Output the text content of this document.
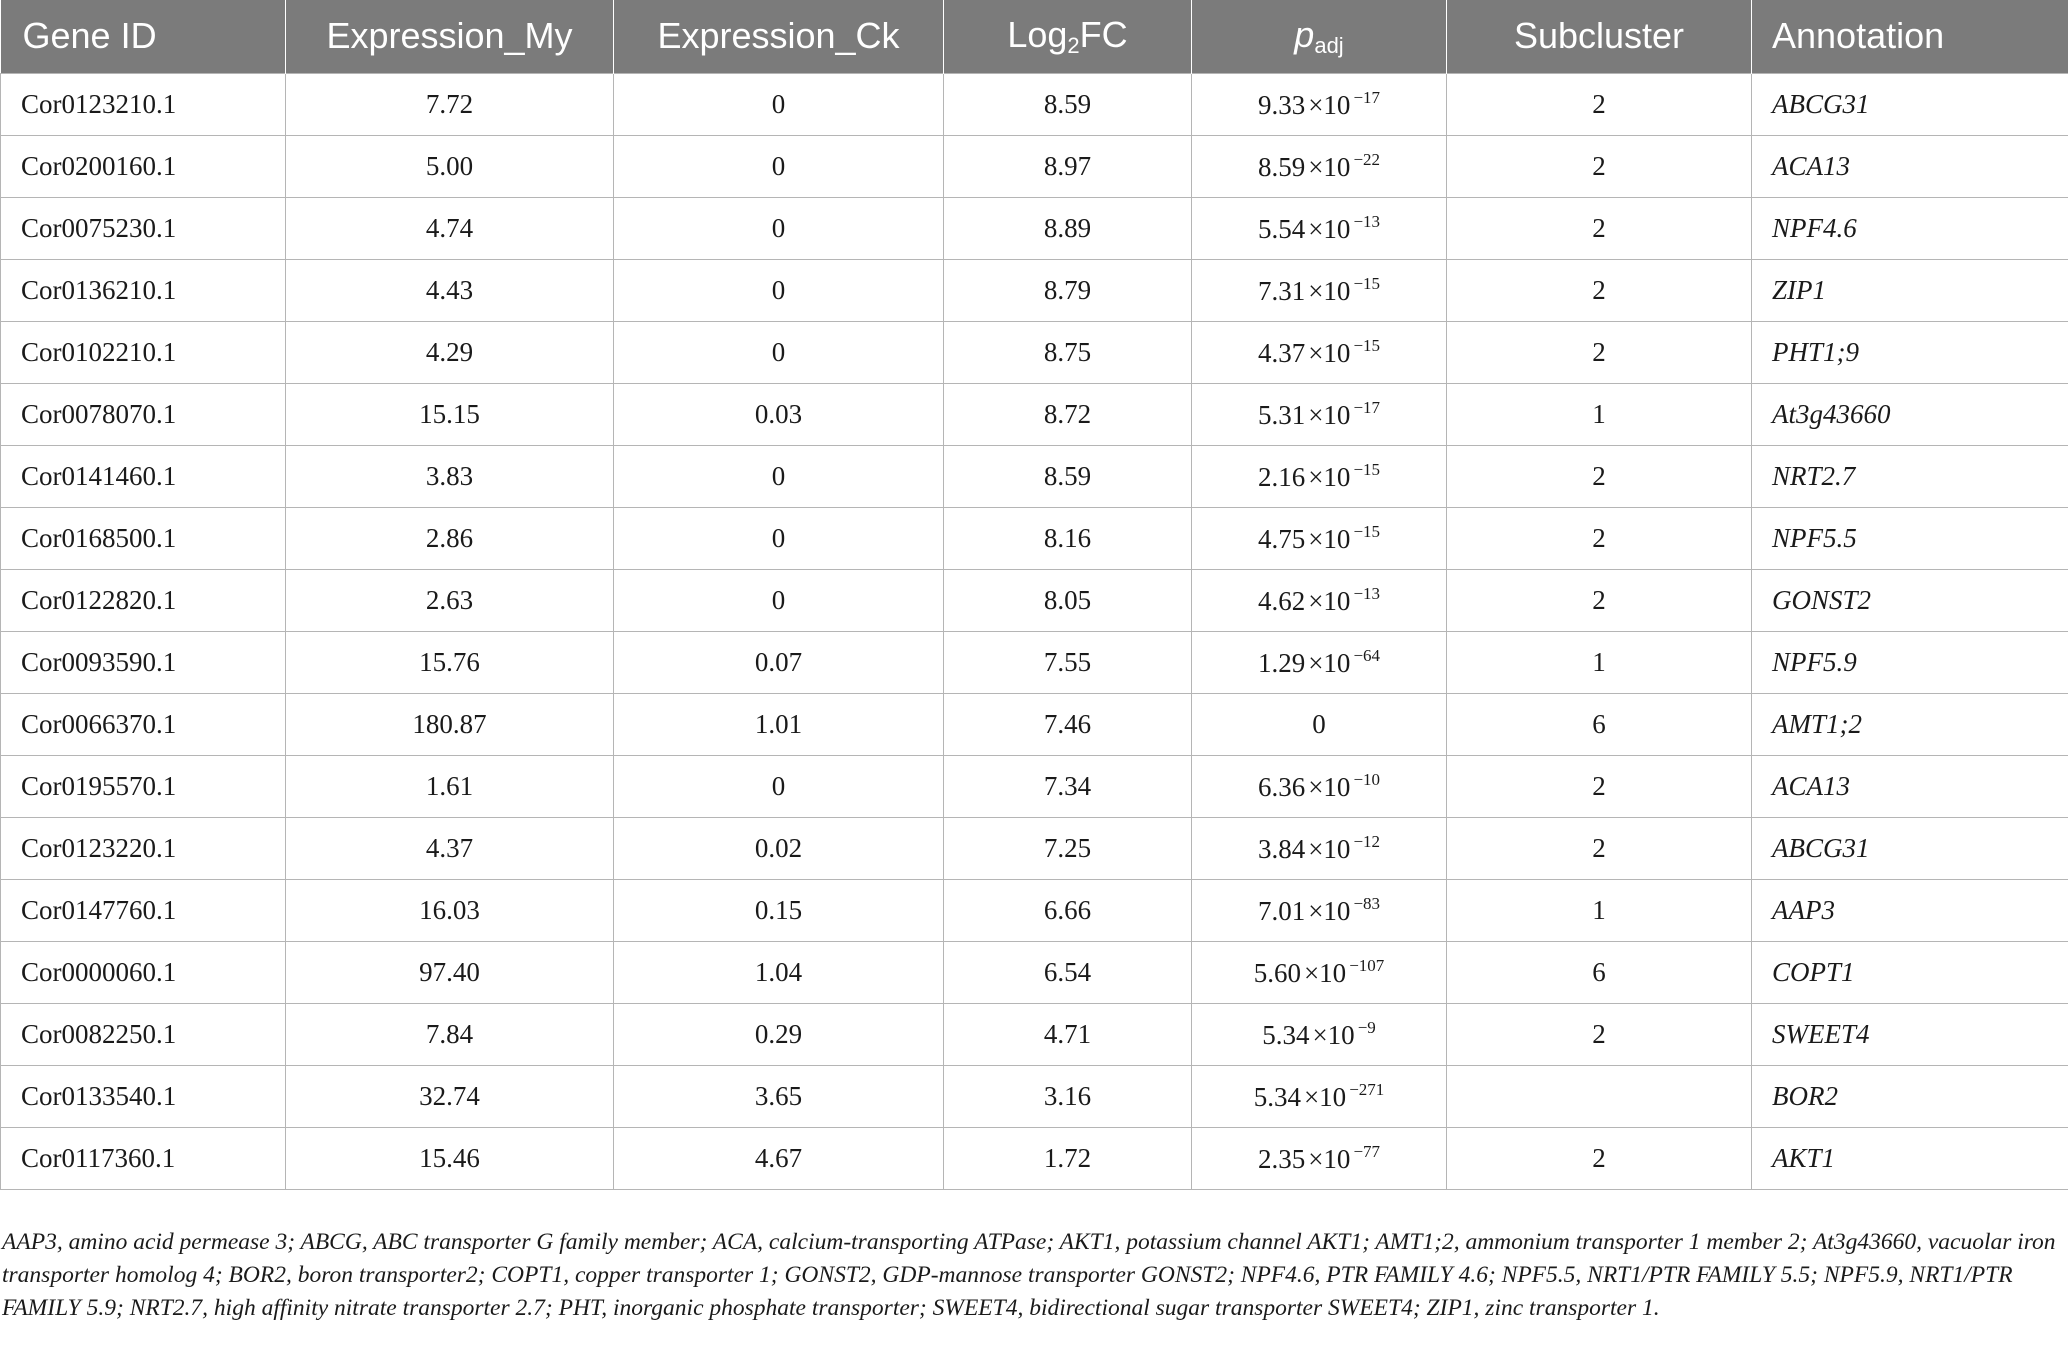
Gene ID	Expression_My	Expression_Ck	Log$_2$FC	$p_{adj}$	Subcluster	Annotation
Cor0123210.1	7.72	0	8.59	9.33 ×10 $^{-17}$	2	ABCG31
Cor0200160.1	5.00	0	8.97	8.59 ×10 $^{-22}$	2	ACA13
Cor0075230.1	4.74	0	8.89	5.54 ×10 $^{-13}$	2	NPF4.6
Cor0136210.1	4.43	0	8.79	7.31 ×10 $^{-15}$	2	ZIP1
Cor0102210.1	4.29	0	8.75	4.37 ×10 $^{-15}$	2	PHT1;9
Cor0078070.1	15.15	0.03	8.72	5.31 ×10 $^{-17}$	1	At3g43660
Cor0141460.1	3.83	0	8.59	2.16 ×10 $^{-15}$	2	NRT2.7
Cor0168500.1	2.86	0	8.16	4.75 ×10 $^{-15}$	2	NPF5.5
Cor0122820.1	2.63	0	8.05	4.62 ×10 $^{-13}$	2	GONST2
Cor0093590.1	15.76	0.07	7.55	1.29 ×10 $^{-64}$	1	NPF5.9
Cor0066370.1	180.87	1.01	7.46	0	6	AMT1;2
Cor0195570.1	1.61	0	7.34	6.36 ×10 $^{-10}$	2	ACA13
Cor0123220.1	4.37	0.02	7.25	3.84 ×10 $^{-12}$	2	ABCG31
Cor0147760.1	16.03	0.15	6.66	7.01 ×10 $^{-83}$	1	AAP3
Cor0000060.1	97.40	1.04	6.54	5.60 ×10 $^{-107}$	6	COPT1
Cor0082250.1	7.84	0.29	4.71	5.34 ×10 $^{-9}$	2	SWEET4
Cor0133540.1	32.74	3.65	3.16	5.34 ×10 $^{-271}$		BOR2
Cor0117360.1	15.46	4.67	1.72	2.35 ×10 $^{-77}$	2	AKT1
AAP3, amino acid permease 3; ABCG, ABC transporter G family member; ACA, calcium-transporting ATPase; AKT1, potassium channel AKT1; AMT1;2, ammonium transporter 1 member 2; At3g43660, vacuolar iron transporter homolog 4; BOR2, boron transporter2; COPT1, copper transporter 1; GONST2, GDP-mannose transporter GONST2; NPF4.6, PTR FAMILY 4.6; NPF5.5, NRT1/PTR FAMILY 5.5; NPF5.9, NRT1/PTR FAMILY 5.9; NRT2.7, high affinity nitrate transporter 2.7; PHT, inorganic phosphate transporter; SWEET4, bidirectional sugar transporter SWEET4; ZIP1, zinc transporter 1.
